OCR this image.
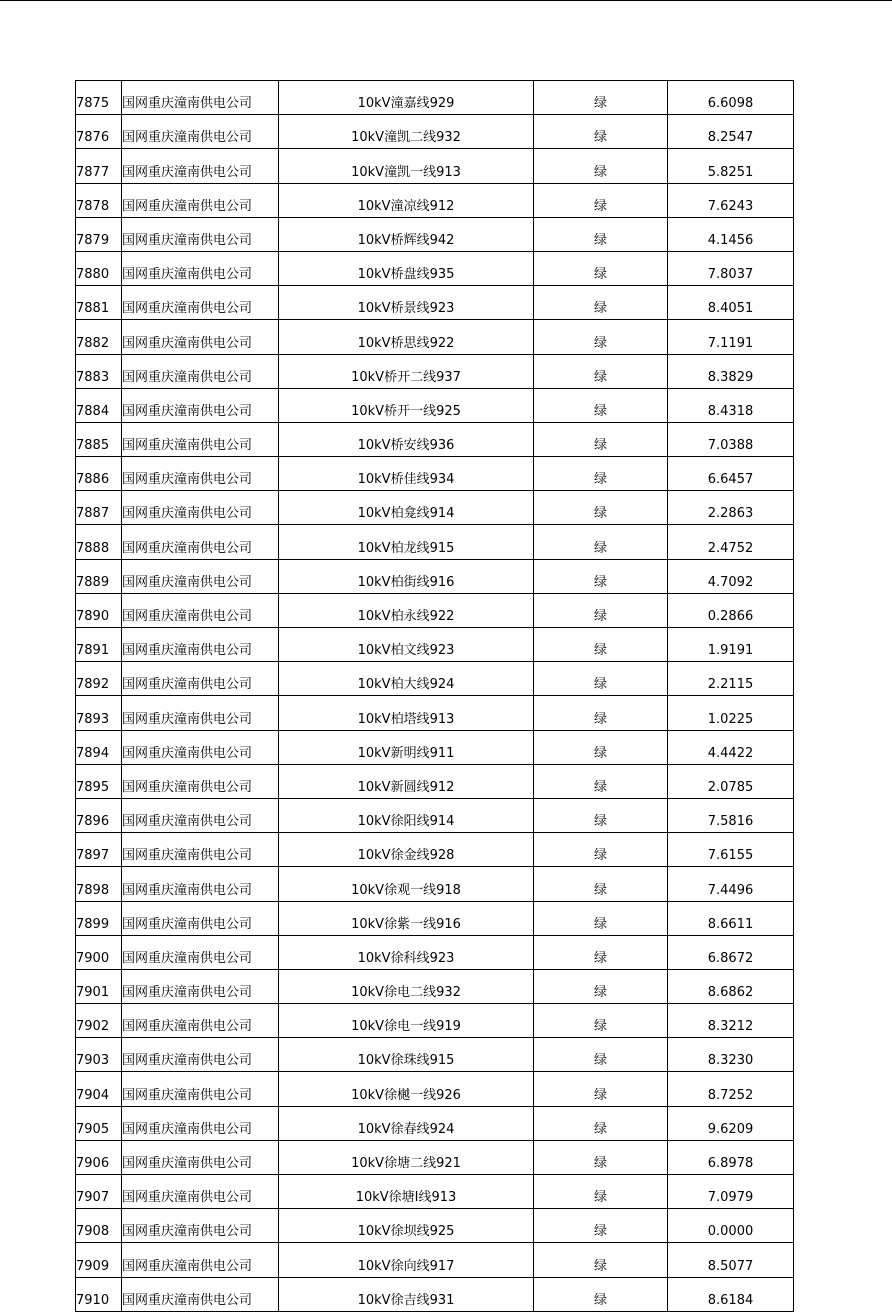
7875	国网重庆潼南供电公司	10kV潼嘉线929	绿	6.6098
7876	国网重庆潼南供电公司	10kV潼凯二线932	绿	8.2547
7877	国网重庆潼南供电公司	10kV潼凯一线913	绿	5.8251
7878	国网重庆潼南供电公司	10kV潼凉线912	绿	7.6243
7879	国网重庆潼南供电公司	10kV桥辉线942	绿	4.1456
7880	国网重庆潼南供电公司	10kV桥盘线935	绿	7.8037
7881	国网重庆潼南供电公司	10kV桥景线923	绿	8.4051
7882	国网重庆潼南供电公司	10kV桥思线922	绿	7.1191
7883	国网重庆潼南供电公司	10kV桥开二线937	绿	8.3829
7884	国网重庆潼南供电公司	10kV桥开一线925	绿	8.4318
7885	国网重庆潼南供电公司	10kV桥安线936	绿	7.0388
7886	国网重庆潼南供电公司	10kV桥佳线934	绿	6.6457
7887	国网重庆潼南供电公司	10kV柏龛线914	绿	2.2863
7888	国网重庆潼南供电公司	10kV柏龙线915	绿	2.4752
7889	国网重庆潼南供电公司	10kV柏街线916	绿	4.7092
7890	国网重庆潼南供电公司	10kV柏永线922	绿	0.2866
7891	国网重庆潼南供电公司	10kV柏文线923	绿	1.9191
7892	国网重庆潼南供电公司	10kV柏大线924	绿	2.2115
7893	国网重庆潼南供电公司	10kV柏塔线913	绿	1.0225
7894	国网重庆潼南供电公司	10kV新明线911	绿	4.4422
7895	国网重庆潼南供电公司	10kV新圆线912	绿	2.0785
7896	国网重庆潼南供电公司	10kV徐阳线914	绿	7.5816
7897	国网重庆潼南供电公司	10kV徐金线928	绿	7.6155
7898	国网重庆潼南供电公司	10kV徐观一线918	绿	7.4496
7899	国网重庆潼南供电公司	10kV徐紫一线916	绿	8.6611
7900	国网重庆潼南供电公司	10kV徐科线923	绿	6.8672
7901	国网重庆潼南供电公司	10kV徐电二线932	绿	8.6862
7902	国网重庆潼南供电公司	10kV徐电一线919	绿	8.3212
7903	国网重庆潼南供电公司	10kV徐珠线915	绿	8.3230
7904	国网重庆潼南供电公司	10kV徐樾一线926	绿	8.7252
7905	国网重庆潼南供电公司	10kV徐春线924	绿	9.6209
7906	国网重庆潼南供电公司	10kV徐塘二线921	绿	6.8978
7907	国网重庆潼南供电公司	10kV徐塘I线913	绿	7.0979
7908	国网重庆潼南供电公司	10kV徐坝线925	绿	0.0000
7909	国网重庆潼南供电公司	10kV徐向线917	绿	8.5077
7910	国网重庆潼南供电公司	10kV徐吉线931	绿	8.6184
